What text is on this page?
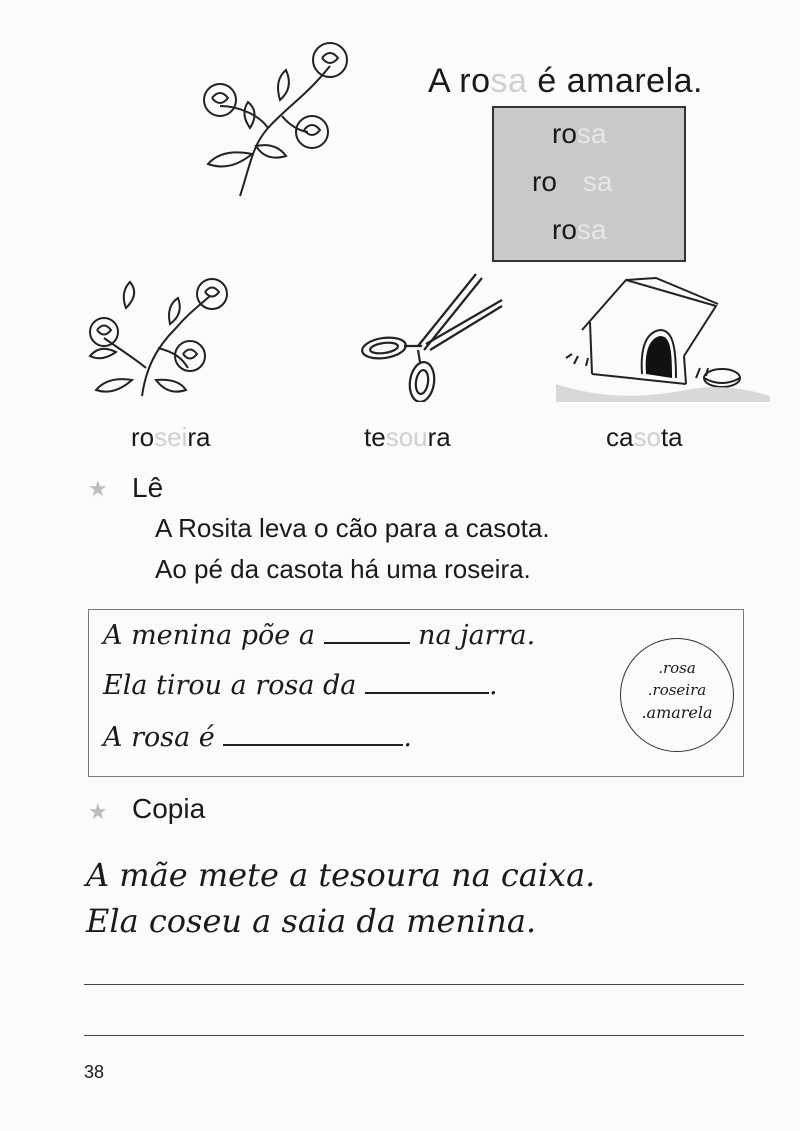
A rosa é amarela.
rosa
ro sa
rosa
roseira	tesoura	casota
★ Lê
A Rosita leva o cão para a casota.
Ao pé da casota há uma roseira.
A menina põe a	na jarra.
Ela tirou a rosa da	.
A rosa é	.
.rosa
.roseira
.amarela
★ Copia
A mãe mete a tesoura na caixa.
Ela coseu a saia da menina.
38
